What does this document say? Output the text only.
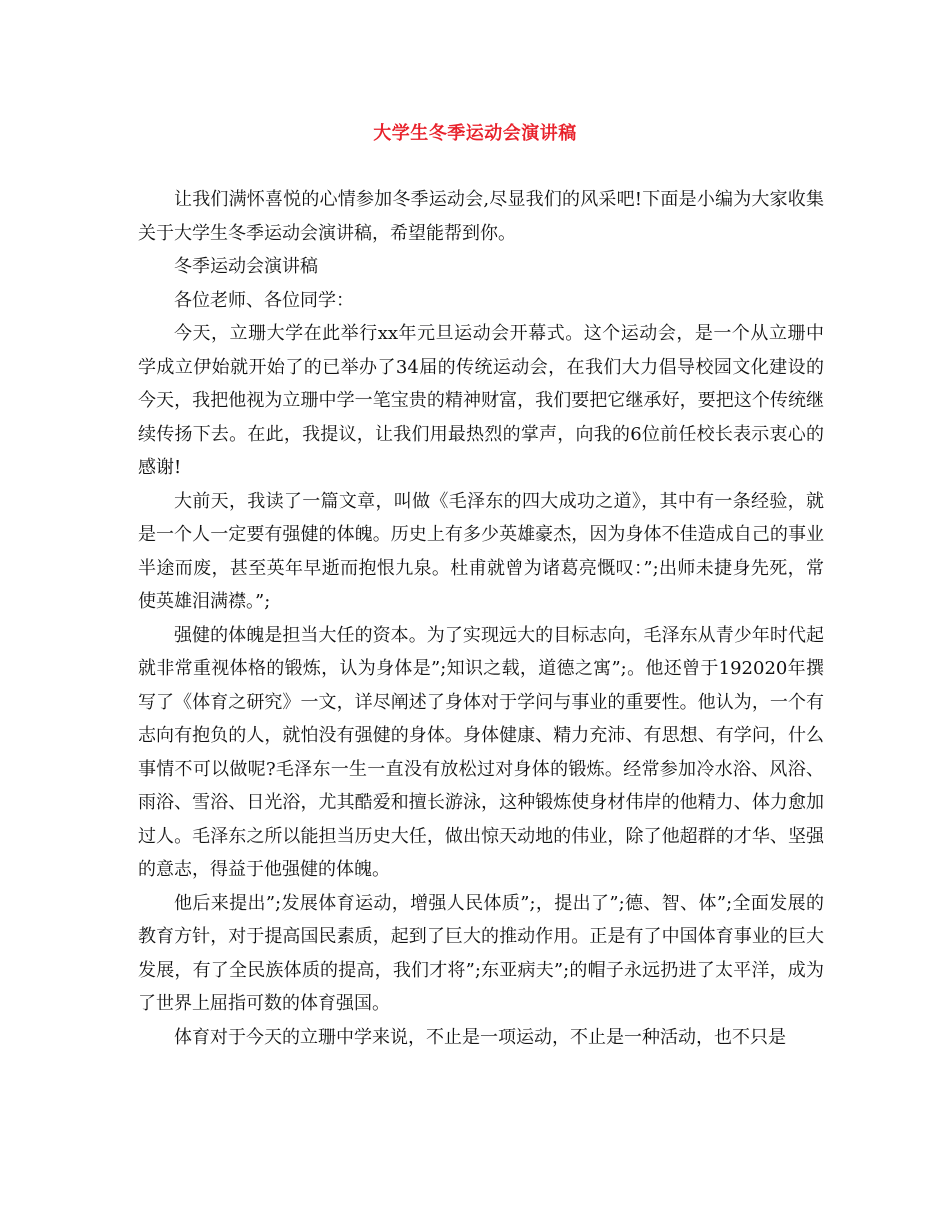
大学生冬季运动会演讲稿

让我们满怀喜悦的心情参加冬季运动会,尽显我们的风采吧!下面是小编为大家收集关于大学生冬季运动会演讲稿，希望能帮到你。

冬季运动会演讲稿

各位老师、各位同学：

今天，立珊大学在此举行xx年元旦运动会开幕式。这个运动会，是一个从立珊中学成立伊始就开始了的已举办了34届的传统运动会，在我们大力倡导校园文化建设的今天，我把他视为立珊中学一笔宝贵的精神财富，我们要把它继承好，要把这个传统继续传扬下去。在此，我提议，让我们用最热烈的掌声，向我的6位前任校长表示衷心的感谢!

大前天，我读了一篇文章，叫做《毛泽东的四大成功之道》，其中有一条经验，就是一个人一定要有强健的体魄。历史上有多少英雄豪杰，因为身体不佳造成自己的事业半途而废，甚至英年早逝而抱恨九泉。杜甫就曾为诸葛亮慨叹：”;出师未捷身先死，常使英雄泪满襟。”;

强健的体魄是担当大任的资本。为了实现远大的目标志向，毛泽东从青少年时代起就非常重视体格的锻炼，认为身体是”;知识之载，道德之寓”;。他还曾于192020年撰写了《体育之研究》一文，详尽阐述了身体对于学问与事业的重要性。他认为，一个有志向有抱负的人，就怕没有强健的身体。身体健康、精力充沛、有思想、有学问，什么事情不可以做呢?毛泽东一生一直没有放松过对身体的锻炼。经常参加冷水浴、风浴、雨浴、雪浴、日光浴，尤其酷爱和擅长游泳，这种锻炼使身材伟岸的他精力、体力愈加过人。毛泽东之所以能担当历史大任，做出惊天动地的伟业，除了他超群的才华、坚强的意志，得益于他强健的体魄。

他后来提出”;发展体育运动，增强人民体质”;，提出了”;德、智、体”;全面发展的教育方针，对于提高国民素质，起到了巨大的推动作用。正是有了中国体育事业的巨大发展，有了全民族体质的提高，我们才将”;东亚病夫”;的帽子永远扔进了太平洋，成为了世界上屈指可数的体育强国。

体育对于今天的立珊中学来说，不止是一项运动，不止是一种活动，也不只是
